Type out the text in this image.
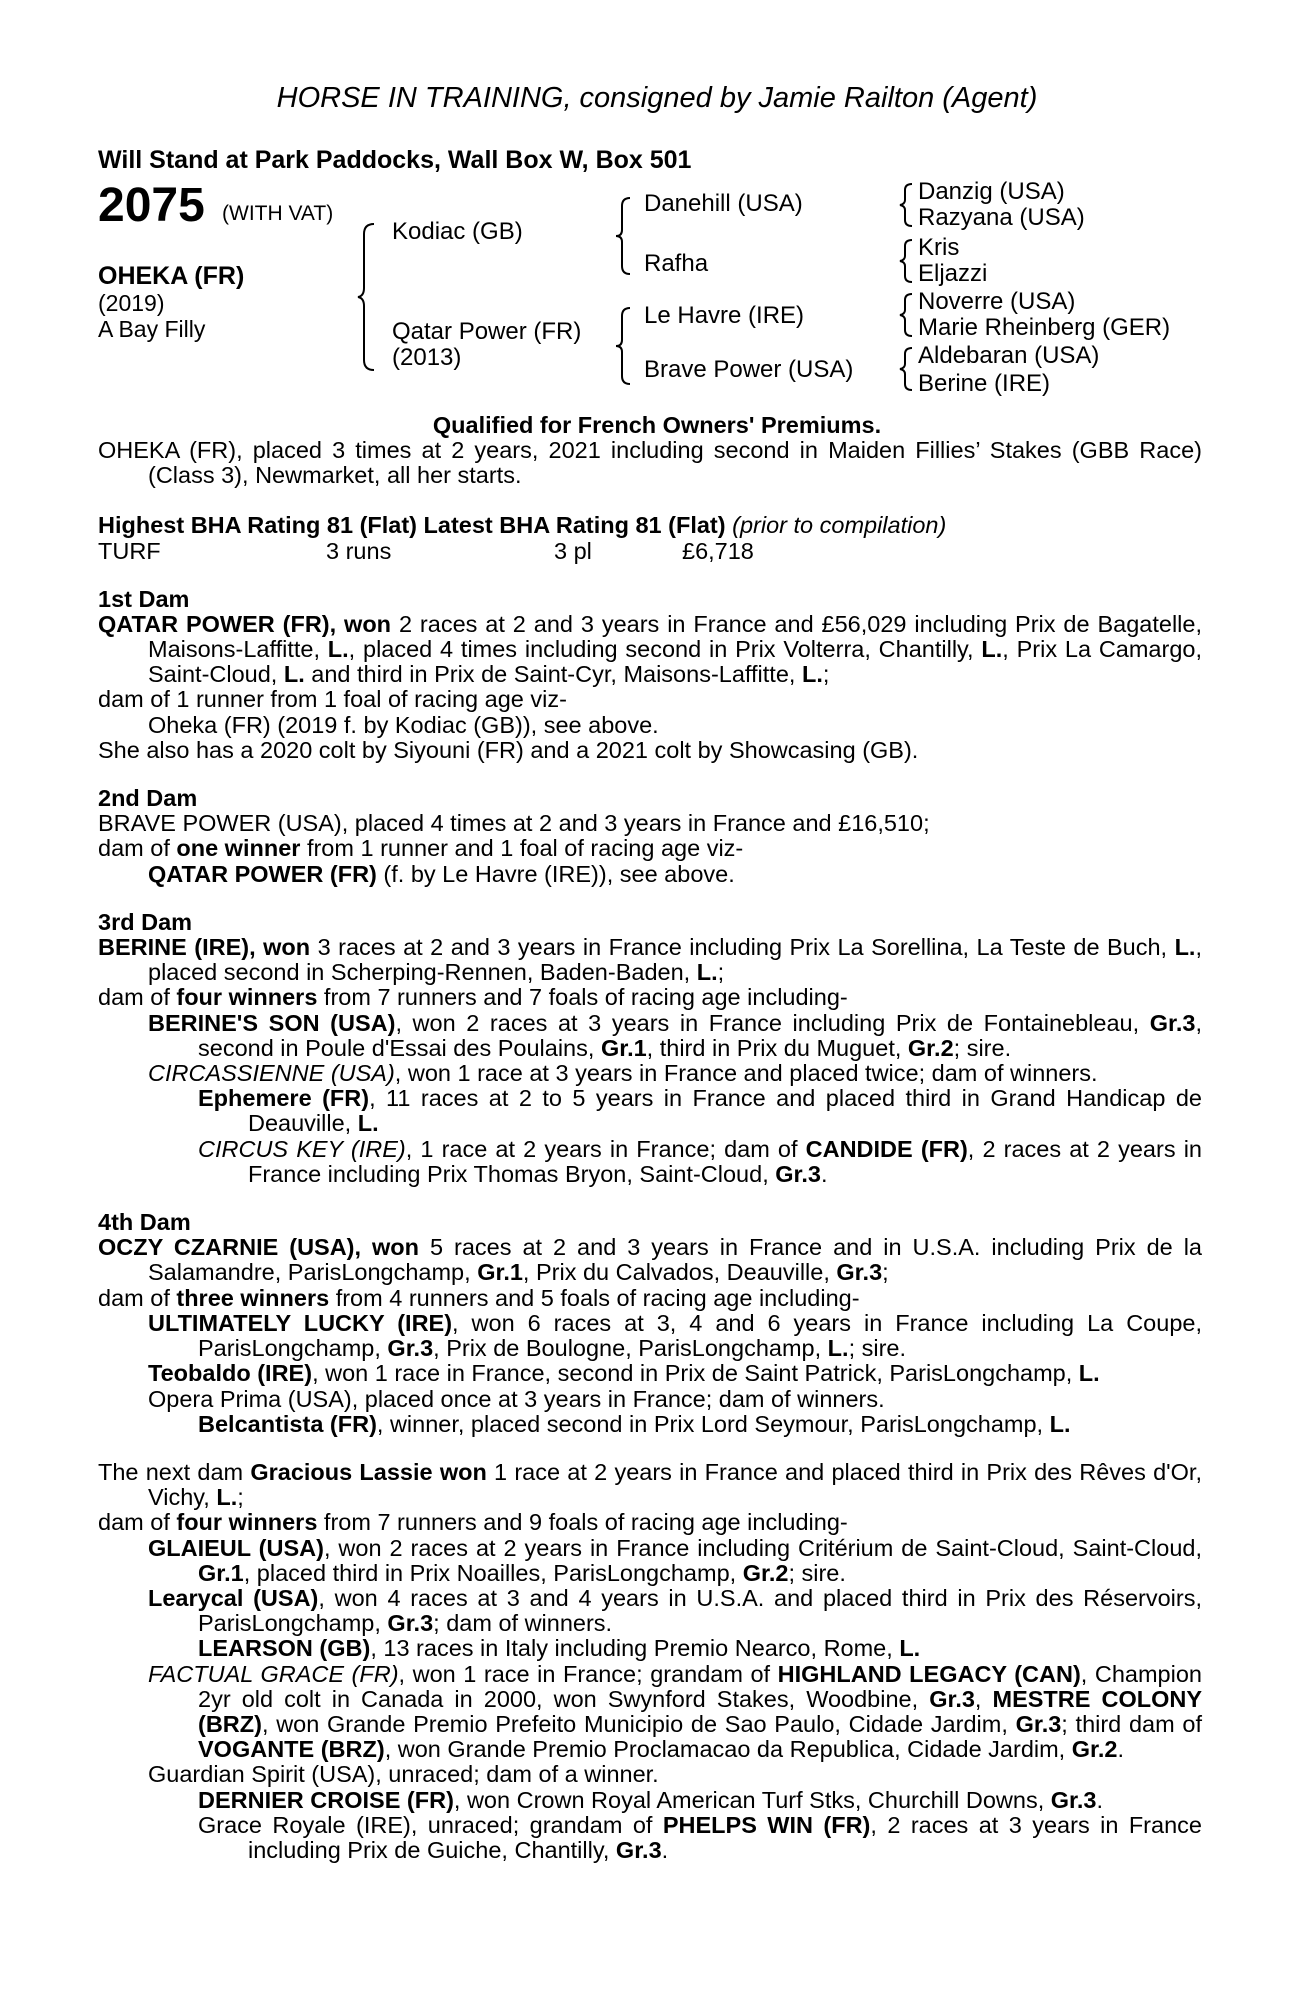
HORSE IN TRAINING, consigned by Jamie Railton (Agent)
Will Stand at Park Paddocks, Wall Box W, Box 501
2075 (WITH VAT)
OHEKA (FR)
(2019)
A Bay Filly
Kodiac (GB)
Qatar Power (FR)
(2013)
Danehill (USA)
Rafha
Le Havre (IRE)
Brave Power (USA)
Danzig (USA)
Razyana (USA)
Kris
Eljazzi
Noverre (USA)
Marie Rheinberg (GER)
Aldebaran (USA)
Berine (IRE)
Qualified for French Owners' Premiums.

OHEKA (FR), placed 3 times at 2 years, 2021 including second in Maiden Fillies’ Stakes (GBB Race) (Class 3), Newmarket, all her starts.

Highest BHA Rating 81 (Flat) Latest BHA Rating 81 (Flat) (prior to compilation)

TURF	3 runs	3 pl	£6,718

1st Dam

QATAR POWER (FR), won 2 races at 2 and 3 years in France and £56,029 including Prix de Bagatelle, Maisons-Laffitte, L., placed 4 times including second in Prix Volterra, Chantilly, L., Prix La Camargo, Saint-Cloud, L. and third in Prix de Saint-Cyr, Maisons-Laffitte, L.;

dam of 1 runner from 1 foal of racing age viz-

Oheka (FR) (2019 f. by Kodiac (GB)), see above.

She also has a 2020 colt by Siyouni (FR) and a 2021 colt by Showcasing (GB).

2nd Dam

BRAVE POWER (USA), placed 4 times at 2 and 3 years in France and £16,510;

dam of one winner from 1 runner and 1 foal of racing age viz-

QATAR POWER (FR) (f. by Le Havre (IRE)), see above.

3rd Dam

BERINE (IRE), won 3 races at 2 and 3 years in France including Prix La Sorellina, La Teste de Buch, L., placed second in Scherping-Rennen, Baden-Baden, L.;

dam of four winners from 7 runners and 7 foals of racing age including-

BERINE'S SON (USA), won 2 races at 3 years in France including Prix de Fontainebleau, Gr.3, second in Poule d'Essai des Poulains, Gr.1, third in Prix du Muguet, Gr.2; sire.

CIRCASSIENNE (USA), won 1 race at 3 years in France and placed twice; dam of winners.

Ephemere (FR), 11 races at 2 to 5 years in France and placed third in Grand Handicap de Deauville, L.

CIRCUS KEY (IRE), 1 race at 2 years in France; dam of CANDIDE (FR), 2 races at 2 years in France including Prix Thomas Bryon, Saint-Cloud, Gr.3.

4th Dam

OCZY CZARNIE (USA), won 5 races at 2 and 3 years in France and in U.S.A. including Prix de la Salamandre, ParisLongchamp, Gr.1, Prix du Calvados, Deauville, Gr.3;

dam of three winners from 4 runners and 5 foals of racing age including-

ULTIMATELY LUCKY (IRE), won 6 races at 3, 4 and 6 years in France including La Coupe, ParisLongchamp, Gr.3, Prix de Boulogne, ParisLongchamp, L.; sire.

Teobaldo (IRE), won 1 race in France, second in Prix de Saint Patrick, ParisLongchamp, L.

Opera Prima (USA), placed once at 3 years in France; dam of winners.

Belcantista (FR), winner, placed second in Prix Lord Seymour, ParisLongchamp, L.

The next dam Gracious Lassie won 1 race at 2 years in France and placed third in Prix des Rêves d'Or, Vichy, L.;

dam of four winners from 7 runners and 9 foals of racing age including-

GLAIEUL (USA), won 2 races at 2 years in France including Critérium de Saint-Cloud, Saint-Cloud, Gr.1, placed third in Prix Noailles, ParisLongchamp, Gr.2; sire.

Learycal (USA), won 4 races at 3 and 4 years in U.S.A. and placed third in Prix des Réservoirs, ParisLongchamp, Gr.3; dam of winners.

LEARSON (GB), 13 races in Italy including Premio Nearco, Rome, L.

FACTUAL GRACE (FR), won 1 race in France; grandam of HIGHLAND LEGACY (CAN), Champion 2yr old colt in Canada in 2000, won Swynford Stakes, Woodbine, Gr.3, MESTRE COLONY (BRZ), won Grande Premio Prefeito Municipio de Sao Paulo, Cidade Jardim, Gr.3; third dam of VOGANTE (BRZ), won Grande Premio Proclamacao da Republica, Cidade Jardim, Gr.2.

Guardian Spirit (USA), unraced; dam of a winner.

DERNIER CROISE (FR), won Crown Royal American Turf Stks, Churchill Downs, Gr.3.

Grace Royale (IRE), unraced; grandam of PHELPS WIN (FR), 2 races at 3 years in France including Prix de Guiche, Chantilly, Gr.3.
